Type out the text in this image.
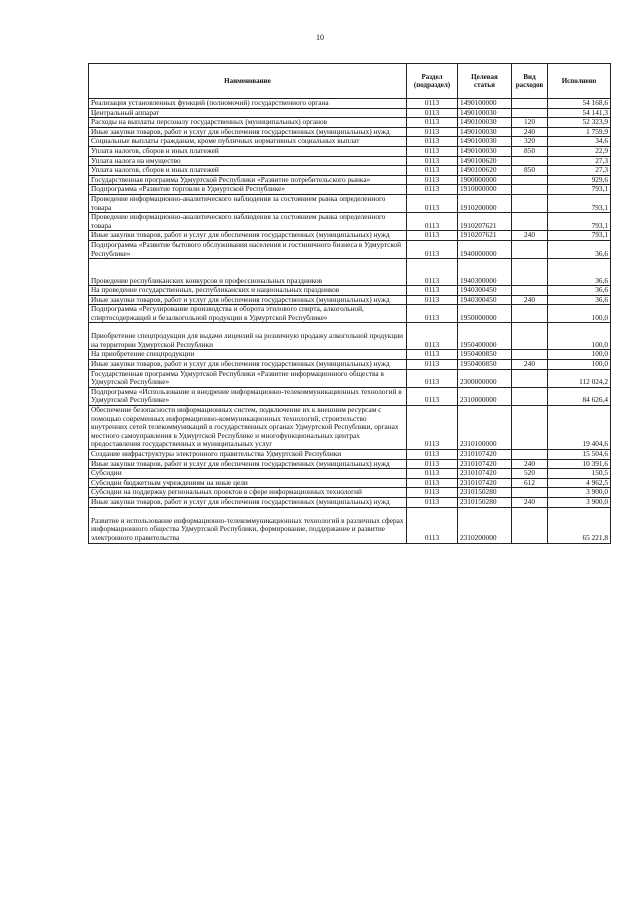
10
Наименование	Раздел (подраздел)	Целевая статья	Вид расходов	Исполнено
Реализация установленных функций (полномочий) государственного органа	0113	1490100000		54 168,6
Центральный аппарат	0113	1490100030		54 141,3
Расходы на выплаты персоналу государственных (муниципальных) органов	0113	1490100030	120	52 323,9
Иные закупки товаров, работ и услуг для обеспечения государственных (муниципальных) нужд	0113	1490100030	240	1 759,9
Социальные выплаты гражданам, кроме публичных нормативных социальных выплат	0113	1490100030	320	34,6
Уплата налогов, сборов и иных платежей	0113	1490100030	850	22,9
Уплата налога на имущество	0113	1490100620		27,3
Уплата налогов, сборов и иных платежей	0113	1490100620	850	27,3
Государственная программа Удмуртской Республики «Развитие потребительского рынка»	0113	1900000000		929,6
Подпрограмма «Развитие торговли в Удмуртской Республике»	0113	1910000000		793,1
Проведение информационно-аналитического наблюдения за состоянием рынка определенного товара	0113	1910200000		793,1
Проведение информационно-аналитического наблюдения за состоянием рынка определенного товара	0113	1910207621		793,1
Иные закупки товаров, работ и услуг для обеспечения государственных (муниципальных) нужд	0113	1910207621	240	793,1
Подпрограмма «Развитие бытового обслуживания населения и гостиничного бизнеса в Удмуртской Республике»	0113	1940000000		36,6
Проведение республиканских конкурсов и профессиональных праздников	0113	1940300000		36,6
На проведение государственных, республиканских и национальных праздников	0113	1940300450		36,6
Иные закупки товаров, работ и услуг для обеспечения государственных (муниципальных) нужд	0113	1940300450	240	36,6
Подпрограмма «Регулирование производства и оборота этилового спирта, алкогольной, спиртосодержащей и безалкогольной продукции в Удмуртской Республике»	0113	1950000000		100,0
Приобретение спецпродукции для выдачи лицензий на розничную продажу алкогольной продукции на территории Удмуртской Республики	0113	1950400000		100,0
На приобретение спецпродукции	0113	1950400850		100,0
Иные закупки товаров, работ и услуг для обеспечения государственных (муниципальных) нужд	0113	1950400850	240	100,0
Государственная программа Удмуртской Республики «Развитие информационного общества в Удмуртской Республике»	0113	2300000000		112 024,2
Подпрограмма «Использование и внедрение информационно-телекоммуникационных технологий в Удмуртской Республике»	0113	2310000000		84 626,4
Обеспечение безопасности информационных систем, подключение их к внешним ресурсам с помощью современных информационно-коммуникационных технологий, строительство внутренних сетей телекоммуникаций в государственных органах Удмуртской Республики, органах местного самоуправления в Удмуртской Республике и многофункциональных центрах предоставления государственных и муниципальных услуг	0113	2310100000		19 404,6
Создание инфраструктуры электронного правительства Удмуртской Республики	0113	2310107420		15 504,6
Иные закупки товаров, работ и услуг для обеспечения государственных (муниципальных) нужд	0113	2310107420	240	10 391,6
Субсидии	0113	2310107420	520	150,5
Субсидии бюджетным учреждениям на иные цели	0113	2310107420	612	4 962,5
Субсидии на поддержку региональных проектов в сфере информационных технологий	0113	2310150280		3 900,0
Иные закупки товаров, работ и услуг для обеспечения государственных (муниципальных) нужд	0113	2310150280	240	3 900,0
Развитие и использование информационно-телекоммуникационных технологий в различных сферах информационного общества Удмуртской Республики, формирование, поддержание и развитие электронного правительства	0113	2310200000		65 221,8
